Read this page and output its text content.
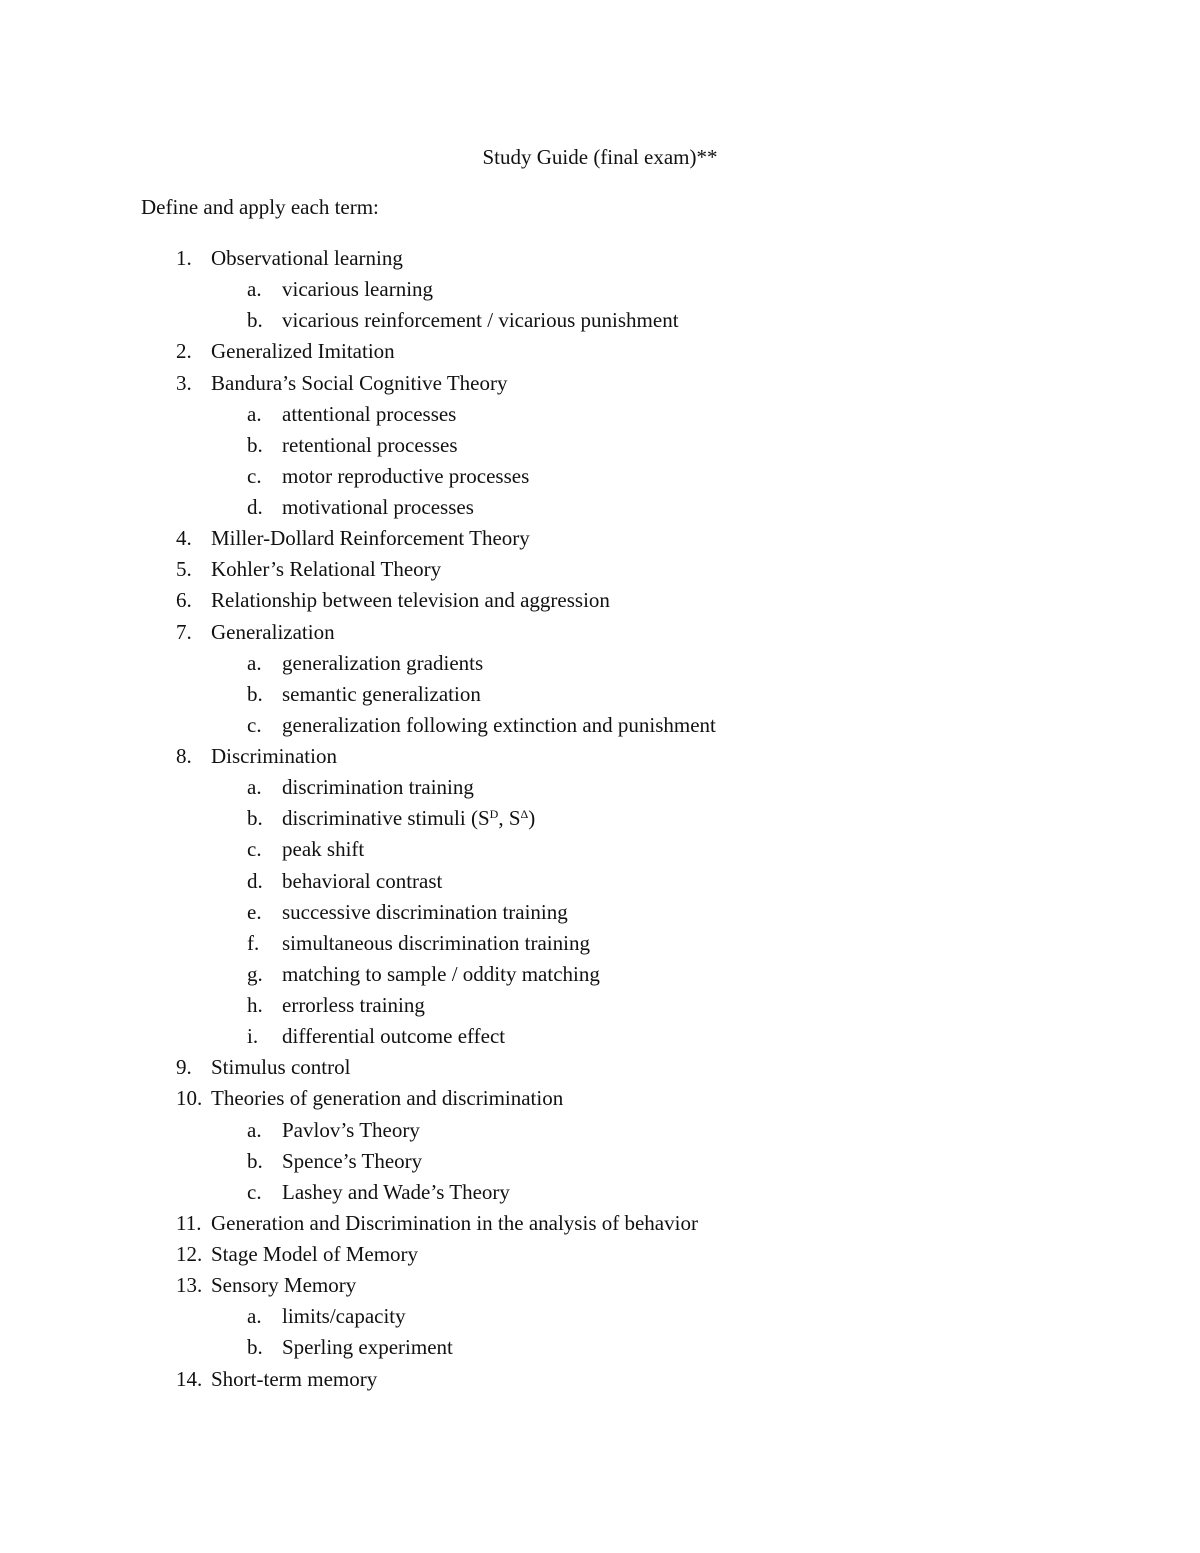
Study Guide (final exam)**
Define and apply each term:
1. Observational learning
a. vicarious learning
b. vicarious reinforcement / vicarious punishment
2. Generalized Imitation
3. Bandura’s Social Cognitive Theory
a. attentional processes
b. retentional processes
c. motor reproductive processes
d. motivational processes
4. Miller-Dollard Reinforcement Theory
5. Kohler’s Relational Theory
6. Relationship between television and aggression
7. Generalization
a. generalization gradients
b. semantic generalization
c. generalization following extinction and punishment
8. Discrimination
a. discrimination training
b. discriminative stimuli ($S^D$, $S^\Delta$)
c. peak shift
d. behavioral contrast
e. successive discrimination training
f. simultaneous discrimination training
g. matching to sample / oddity matching
h. errorless training
i. differential outcome effect
9. Stimulus control
10. Theories of generation and discrimination
a. Pavlov’s Theory
b. Spence’s Theory
c. Lashey and Wade’s Theory
11. Generation and Discrimination in the analysis of behavior
12. Stage Model of Memory
13. Sensory Memory
a. limits/capacity
b. Sperling experiment
14. Short-term memory
